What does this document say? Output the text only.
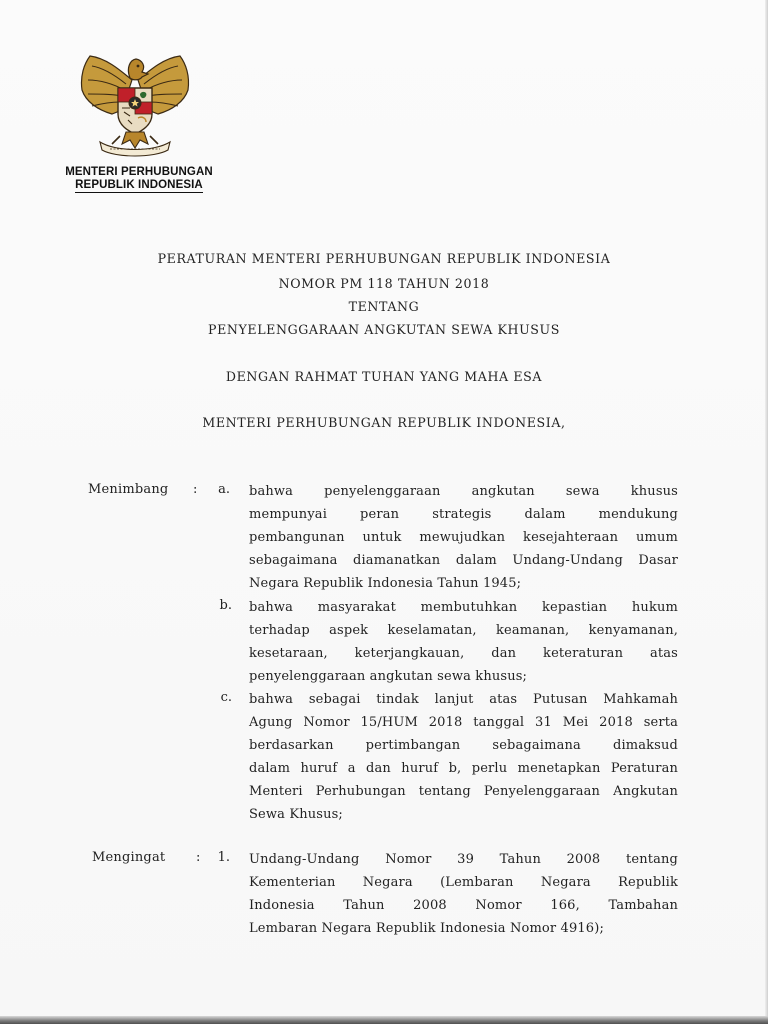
MENTERI PERHUBUNGAN
REPUBLIK INDONESIA
PERATURAN MENTERI PERHUBUNGAN REPUBLIK INDONESIA
NOMOR PM 118 TAHUN 2018
TENTANG
PENYELENGGARAAN ANGKUTAN SEWA KHUSUS
DENGAN RAHMAT TUHAN YANG MAHA ESA
MENTERI PERHUBUNGAN REPUBLIK INDONESIA,
Menimbang :	a. bahwa penyelenggaraan angkutan sewa khusus
mempunyai peran strategis dalam mendukung
pembangunan untuk mewujudkan kesejahteraan umum
sebagaimana diamanatkan dalam Undang-Undang Dasar
Negara Republik Indonesia Tahun 1945;
b. bahwa masyarakat membutuhkan kepastian hukum
terhadap aspek keselamatan, keamanan, kenyamanan,
kesetaraan, keterjangkauan, dan keteraturan atas
penyelenggaraan angkutan sewa khusus;
c. bahwa sebagai tindak lanjut atas Putusan Mahkamah
Agung Nomor 15/HUM 2018 tanggal 31 Mei 2018 serta
berdasarkan pertimbangan sebagaimana dimaksud
dalam huruf a dan huruf b, perlu menetapkan Peraturan
Menteri Perhubungan tentang Penyelenggaraan Angkutan
Sewa Khusus;
Mengingat :	1. Undang-Undang Nomor 39 Tahun 2008 tentang
Kementerian Negara (Lembaran Negara Republik
Indonesia Tahun 2008 Nomor 166, Tambahan
Lembaran Negara Republik Indonesia Nomor 4916);
